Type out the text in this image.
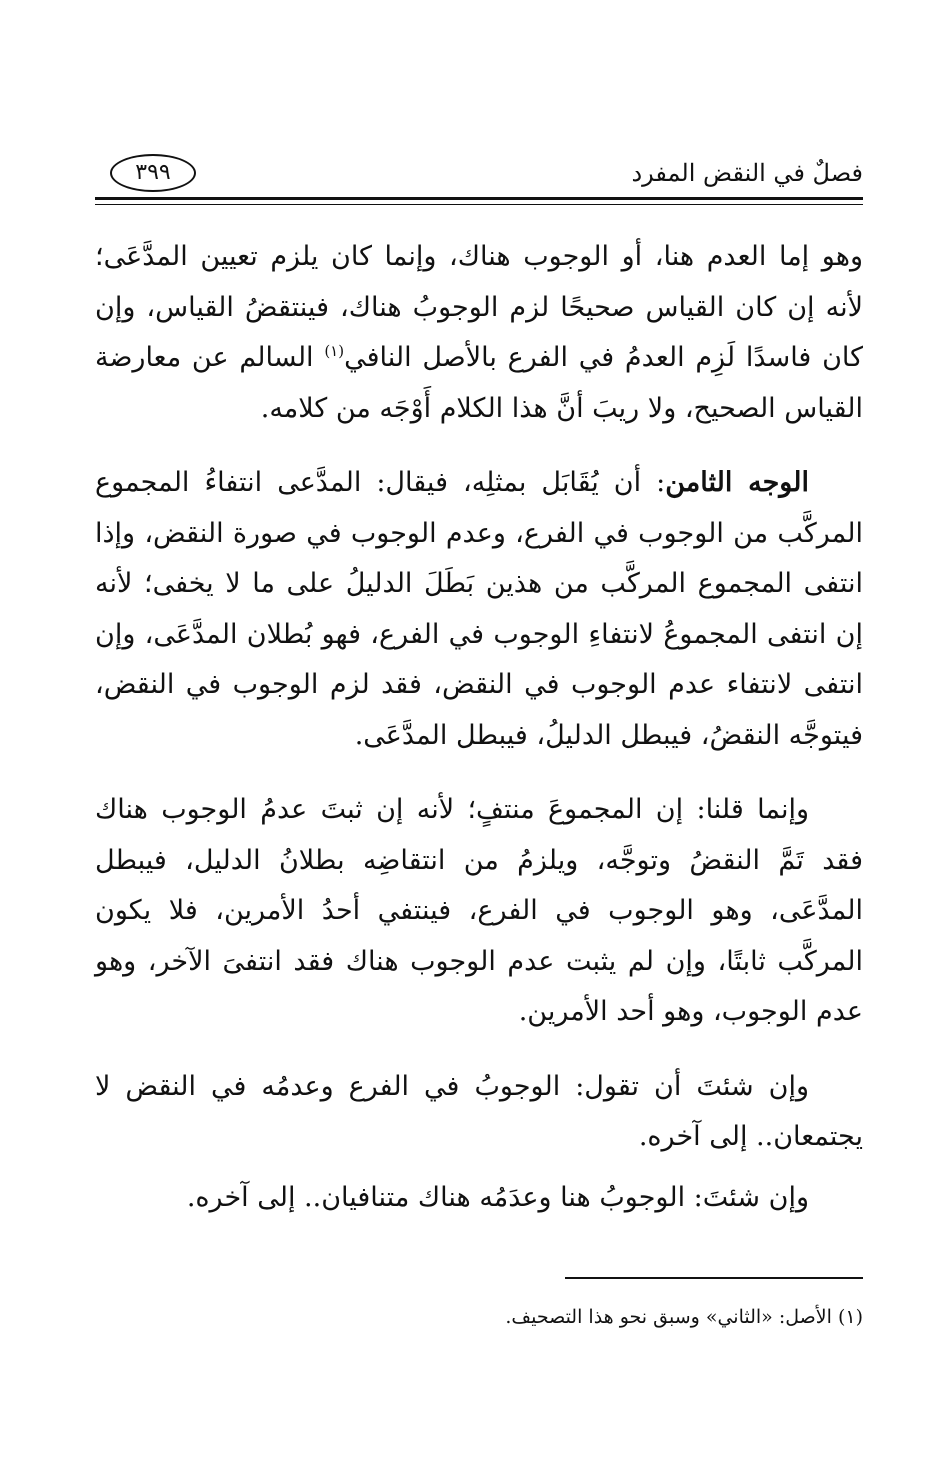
فصلٌ في النقض المفرد
٣٩٩

وهو إما العدم هنا، أو الوجوب هناك، وإنما كان يلزم تعيين المدَّعَى؛ لأنه إن كان القياس صحيحًا لزم الوجوبُ هناك، فينتقضُ القياس، وإن كان فاسدًا لَزِم العدمُ في الفرع بالأصل النافي$^{(١)}$ السالم عن معارضة القياس الصحيح، ولا ريبَ أنَّ هذا الكلام أَوْجَه من كلامه.

الوجه الثامن: أن يُقَابَل بمثلِه، فيقال: المدَّعى انتفاءُ المجموع المركَّب من الوجوب في الفرع، وعدم الوجوب في صورة النقض، وإذا انتفى المجموع المركَّب من هذين بَطَلَ الدليلُ على ما لا يخفى؛ لأنه إن انتفى المجموعُ لانتفاءِ الوجوب في الفرع، فهو بُطلان المدَّعَى، وإن انتفى لانتفاء عدم الوجوب في النقض، فقد لزم الوجوب في النقض، فيتوجَّه النقضُ، فيبطل الدليلُ، فيبطل المدَّعَى.

وإنما قلنا: إن المجموعَ منتفٍ؛ لأنه إن ثبتَ عدمُ الوجوب هناك فقد تَمَّ النقضُ وتوجَّه، ويلزمُ من انتقاضِه بطلانُ الدليل، فيبطل المدَّعَى، وهو الوجوب في الفرع، فينتفي أحدُ الأمرين، فلا يكون المركَّب ثابتًا، وإن لم يثبت عدم الوجوب هناك فقد انتفىَ الآخر، وهو عدم الوجوب، وهو أحد الأمرين.

وإن شئتَ أن تقول: الوجوبُ في الفرع وعدمُه في النقض لا يجتمعان.. إلى آخره.

وإن شئتَ: الوجوبُ هنا وعدَمُه هناك متنافيان.. إلى آخره.

(١) الأصل: «الثاني» وسبق نحو هذا التصحيف.
